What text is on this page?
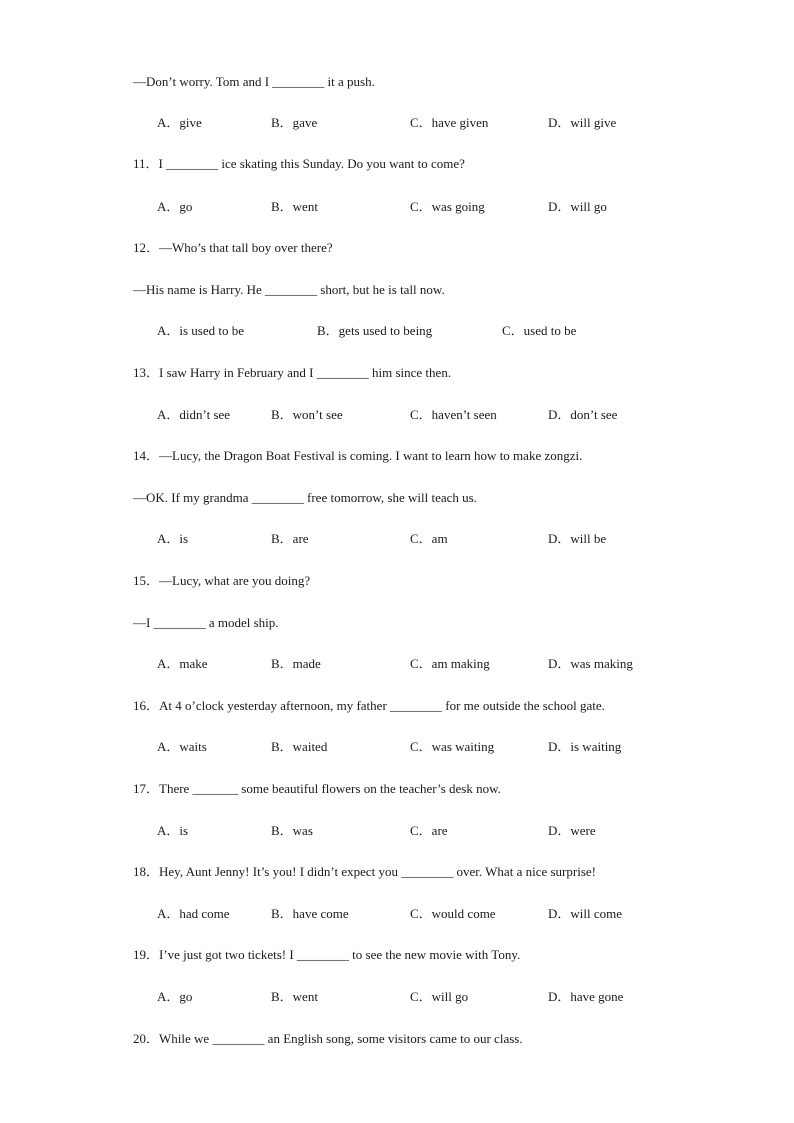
—Don’t worry. Tom and I ________ it a push.
A．give	B．gave	C．have given	D．will give
11．I ________ ice skating this Sunday. Do you want to come?
A．go	B．went	C．was going	D．will go
12．—Who’s that tall boy over there?
—His name is Harry. He ________ short, but he is tall now.
A．is used to be	B．gets used to being	C．used to be
13．I saw Harry in February and I ________ him since then.
A．didn’t see	B．won’t see	C．haven’t seen	D．don’t see
14．—Lucy, the Dragon Boat Festival is coming. I want to learn how to make zongzi.
—OK. If my grandma ________ free tomorrow, she will teach us.
A．is	B．are	C．am	D．will be
15．—Lucy, what are you doing?
—I ________ a model ship.
A．make	B．made	C．am making	D．was making
16．At 4 o’clock yesterday afternoon, my father ________ for me outside the school gate.
A．waits	B．waited	C．was waiting	D．is waiting
17．There _______ some beautiful flowers on the teacher’s desk now.
A．is	B．was	C．are	D．were
18．Hey, Aunt Jenny! It’s you! I didn’t expect you ________ over. What a nice surprise!
A．had come	B．have come	C．would come	D．will come
19．I’ve just got two tickets! I ________ to see the new movie with Tony.
A．go	B．went	C．will go	D．have gone
20．While we ________ an English song, some visitors came to our class.
